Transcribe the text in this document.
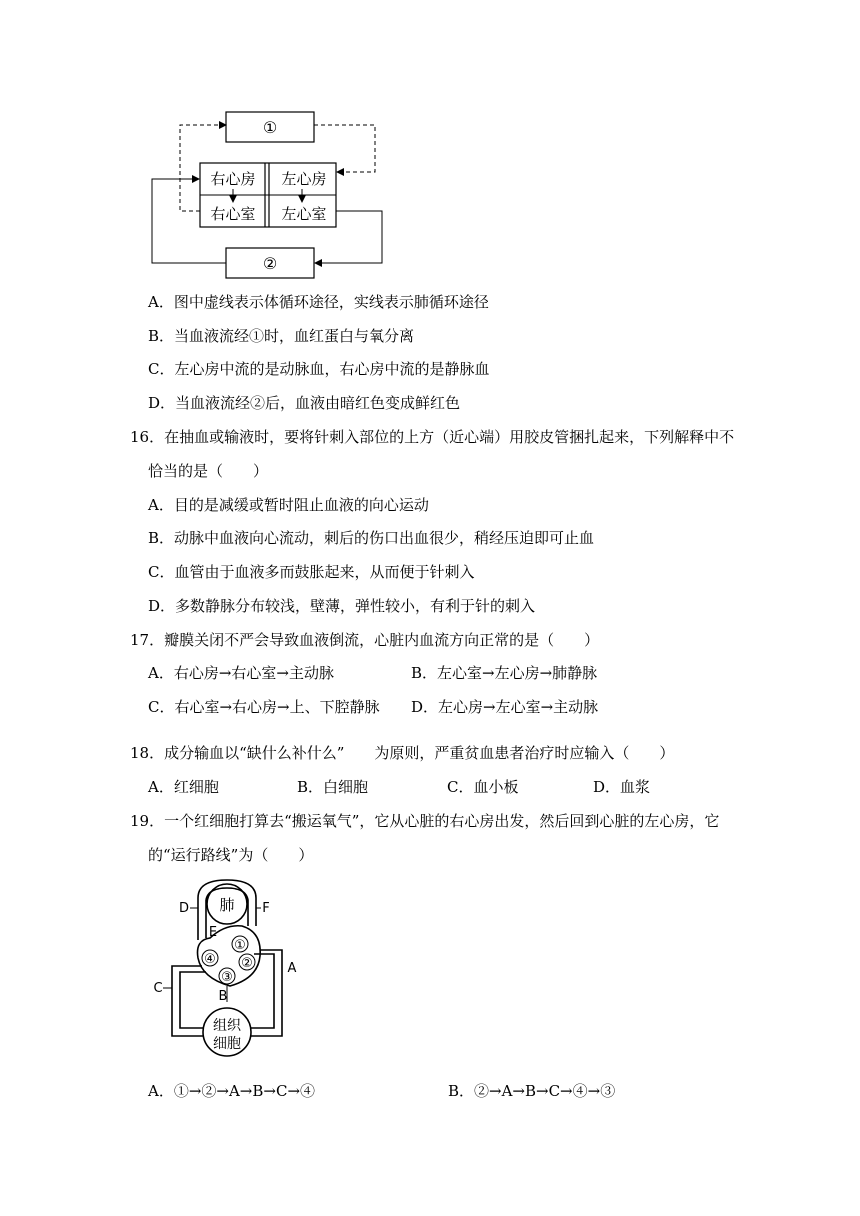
①
右心房 左心房
右心室 左心室
②
A．图中虚线表示体循环途径，实线表示肺循环途径
B．当血液流经①时，血红蛋白与氧分离
C．左心房中流的是动脉血，右心房中流的是静脉血
D．当血液流经②后，血液由暗红色变成鲜红色
16．在抽血或输液时，要将针刺入部位的上方（近心端）用胶皮管捆扎起来，下列解释中不
恰当的是（　　）
A．目的是减缓或暂时阻止血液的向心运动
B．动脉中血液向心流动，刺后的伤口出血很少，稍经压迫即可止血
C．血管由于血液多而鼓胀起来，从而便于针刺入
D．多数静脉分布较浅，壁薄，弹性较小，有利于针的刺入
17．瓣膜关闭不严会导致血液倒流，心脏内血流方向正常的是（　　）
A．右心房→右心室→主动脉	B．左心室→左心房→肺静脉
C．右心室→右心房→上、下腔静脉 D．左心房→左心室→主动脉
18．成分输血以“缺什么补什么”　　为原则，严重贫血患者治疗时应输入（　　）
A．红细胞	B．白细胞	C．血小板	D．血浆
19．一个红细胞打算去“搬运氧气”，它从心脏的右心房出发，然后回到心脏的左心房，它
的“运行路线”为（　　）
肺
①
②
③
④
组织
细胞
D	F
E
A
C
B
A．①→②→A→B→C→④	B．②→A→B→C→④→③
